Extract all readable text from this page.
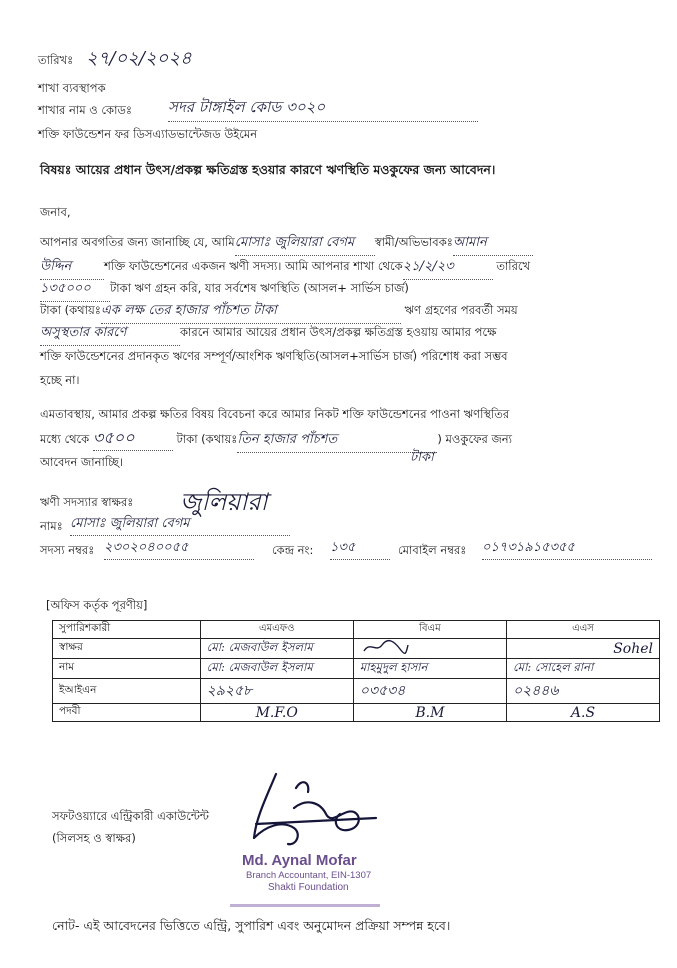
তারিখঃ ২৭/০২/২০২৪
শাখা ব্যবস্থাপক
শাখার নাম ও কোডঃ সদর টাঙ্গাইল কোড ৩০২০
শক্তি ফাউন্ডেশন ফর ডিসএ্যাডভান্টেজড উইমেন
বিষয়ঃ আয়ের প্রধান উৎস/প্রকল্প ক্ষতিগ্রস্ত হওয়ার কারণে ঋণস্থিতি মওকুফের জন্য আবেদন।
জনাব,
আপনার অবগতির জন্য জানাচ্ছি যে, আমিমোসাঃ জুলিয়ারা বেগম স্বামী/অভিভাবকঃআমান
উদ্দিন	শক্তি ফাউন্ডেশনের একজন ঋণী সদস্য। আমি আপনার শাখা থেকে২১/২/২৩	তারিখে
১৩৫০০০ টাকা ঋণ গ্রহন করি, যার সর্বশেষ ঋণস্থিতি (আসল+ সার্ভিস চার্জ)
টাকা (কথায়ঃএক লক্ষ তের হাজার পাঁচশত টাকা	ঋণ গ্রহণের পরবর্তী সময়
অসুস্থতার কারণে	কারনে আমার আয়ের প্রধান উৎস/প্রকল্প ক্ষতিগ্রস্ত হওয়ায় আমার পক্ষে
শক্তি ফাউন্ডেশনের প্রদানকৃত ঋণের সম্পূর্ণ/আংশিক ঋণস্থিতি(আসল+সার্ভিস চার্জ) পরিশোধ করা সম্ভব
হচ্ছে না।
এমতাবস্থায়, আমার প্রকল্প ক্ষতির বিষয় বিবেচনা করে আমার নিকট শক্তি ফাউন্ডেশনের পাওনা ঋণস্থিতির
মধ্যে থেকে ৩৫০০	টাকা (কথায়ঃতিন হাজার পাঁচশত	) মওকুফের জন্য
আবেদন জানাচ্ছি।	টাকা
ঋণী সদস্যার স্বাক্ষরঃ জুলিয়ারা
নামঃ মোসাঃ জুলিয়ারা বেগম
সদস্য নম্বরঃ ২৩০২০৪০০৫৫	কেন্দ্র নং: ১৩৫	মোবাইল নম্বরঃ ০১৭৩১৯১৫৩৫৫
[অফিস কর্তৃক পূরণীয়]
সুপারিশকারী	এমএফও	বিএম	এএস
স্বাক্ষর	মো: মেজবাউল ইসলাম		Sohel
নাম	মো: মেজবাউল ইসলাম	মাহমুদুল হাসান	মো: সোহেল রানা
ইআইএন	২৯২৫৮	০৩৫৩৪	০২৪৪৬
পদবী	M.F.O	B.M	A.S
সফটওয়্যারে এন্ট্রিকারী একাউন্টেন্ট
(সিলসহ ও স্বাক্ষর)
Md. Aynal Mofar
Branch Accountant, EIN-1307
Shakti Foundation
নোট- এই আবেদনের ভিত্তিতে এন্ট্রি, সুপারিশ এবং অনুমোদন প্রক্রিয়া সম্পন্ন হবে।
